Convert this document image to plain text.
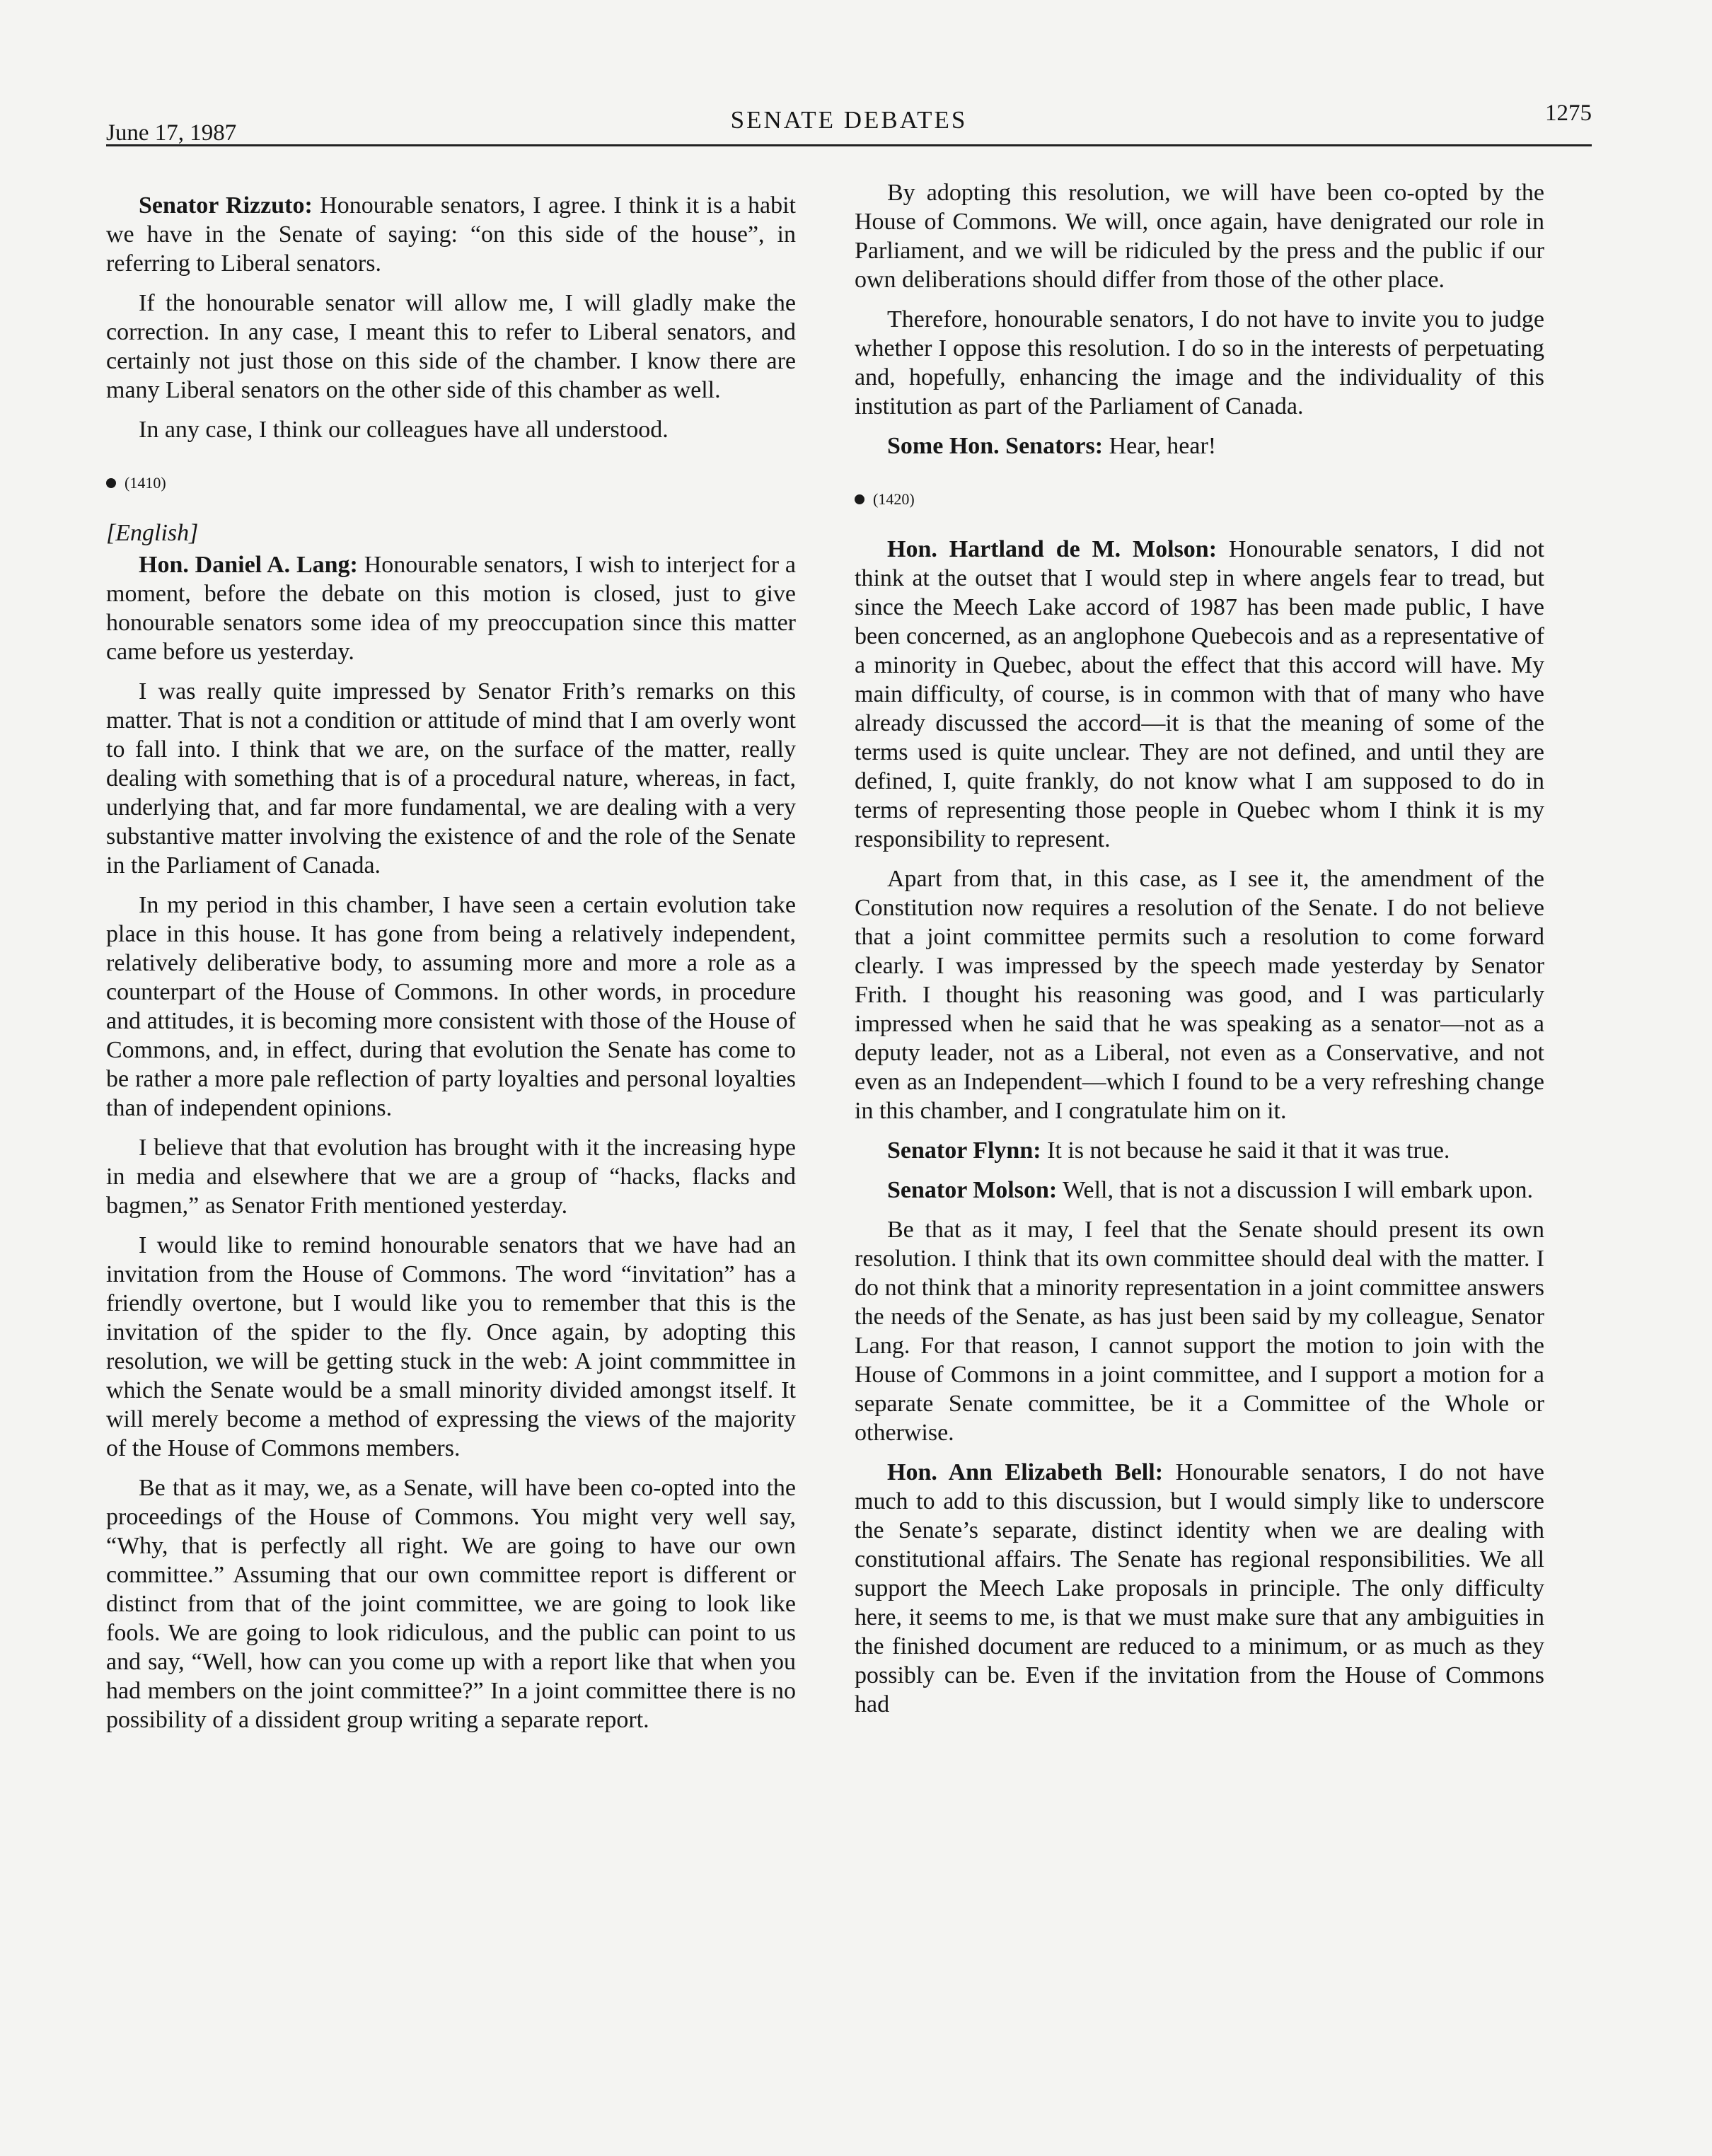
June 17, 1987	SENATE DEBATES	1275

Senator Rizzuto: Honourable senators, I agree. I think it is a habit we have in the Senate of saying: “on this side of the house”, in referring to Liberal senators.

If the honourable senator will allow me, I will gladly make the correction. In any case, I meant this to refer to Liberal senators, and certainly not just those on this side of the chamber. I know there are many Liberal senators on the other side of this chamber as well.

In any case, I think our colleagues have all understood.

(1410)

[English]

Hon. Daniel A. Lang: Honourable senators, I wish to interject for a moment, before the debate on this motion is closed, just to give honourable senators some idea of my preoccupation since this matter came before us yesterday.

I was really quite impressed by Senator Frith’s remarks on this matter. That is not a condition or attitude of mind that I am overly wont to fall into. I think that we are, on the surface of the matter, really dealing with something that is of a procedural nature, whereas, in fact, underlying that, and far more fundamental, we are dealing with a very substantive matter involving the existence of and the role of the Senate in the Parliament of Canada.

In my period in this chamber, I have seen a certain evolution take place in this house. It has gone from being a relatively independent, relatively deliberative body, to assuming more and more a role as a counterpart of the House of Commons. In other words, in procedure and attitudes, it is becoming more consistent with those of the House of Commons, and, in effect, during that evolution the Senate has come to be rather a more pale reflection of party loyalties and personal loyalties than of independent opinions.

I believe that that evolution has brought with it the increasing hype in media and elsewhere that we are a group of “hacks, flacks and bagmen,” as Senator Frith mentioned yesterday.

I would like to remind honourable senators that we have had an invitation from the House of Commons. The word “invitation” has a friendly overtone, but I would like you to remember that this is the invitation of the spider to the fly. Once again, by adopting this resolution, we will be getting stuck in the web: A joint commmittee in which the Senate would be a small minority divided amongst itself. It will merely become a method of expressing the views of the majority of the House of Commons members.

Be that as it may, we, as a Senate, will have been co-opted into the proceedings of the House of Commons. You might very well say, “Why, that is perfectly all right. We are going to have our own committee.” Assuming that our own committee report is different or distinct from that of the joint committee, we are going to look like fools. We are going to look ridiculous, and the public can point to us and say, “Well, how can you come up with a report like that when you had members on the joint committee?” In a joint committee there is no possibility of a dissident group writing a separate report.

By adopting this resolution, we will have been co-opted by the House of Commons. We will, once again, have denigrated our role in Parliament, and we will be ridiculed by the press and the public if our own deliberations should differ from those of the other place.

Therefore, honourable senators, I do not have to invite you to judge whether I oppose this resolution. I do so in the interests of perpetuating and, hopefully, enhancing the image and the individuality of this institution as part of the Parliament of Canada.

Some Hon. Senators: Hear, hear!

(1420)

Hon. Hartland de M. Molson: Honourable senators, I did not think at the outset that I would step in where angels fear to tread, but since the Meech Lake accord of 1987 has been made public, I have been concerned, as an anglophone Quebecois and as a representative of a minority in Quebec, about the effect that this accord will have. My main difficulty, of course, is in common with that of many who have already discussed the accord—it is that the meaning of some of the terms used is quite unclear. They are not defined, and until they are defined, I, quite frankly, do not know what I am supposed to do in terms of representing those people in Quebec whom I think it is my responsibility to represent.

Apart from that, in this case, as I see it, the amendment of the Constitution now requires a resolution of the Senate. I do not believe that a joint committee permits such a resolution to come forward clearly. I was impressed by the speech made yesterday by Senator Frith. I thought his reasoning was good, and I was particularly impressed when he said that he was speaking as a senator—not as a deputy leader, not as a Liberal, not even as a Conservative, and not even as an Independent—which I found to be a very refreshing change in this chamber, and I congratulate him on it.

Senator Flynn: It is not because he said it that it was true.

Senator Molson: Well, that is not a discussion I will embark upon.

Be that as it may, I feel that the Senate should present its own resolution. I think that its own committee should deal with the matter. I do not think that a minority representation in a joint committee answers the needs of the Senate, as has just been said by my colleague, Senator Lang. For that reason, I cannot support the motion to join with the House of Commons in a joint committee, and I support a motion for a separate Senate committee, be it a Committee of the Whole or otherwise.

Hon. Ann Elizabeth Bell: Honourable senators, I do not have much to add to this discussion, but I would simply like to underscore the Senate’s separate, distinct identity when we are dealing with constitutional affairs. The Senate has regional responsibilities. We all support the Meech Lake proposals in principle. The only difficulty here, it seems to me, is that we must make sure that any ambiguities in the finished document are reduced to a minimum, or as much as they possibly can be. Even if the invitation from the House of Commons had
